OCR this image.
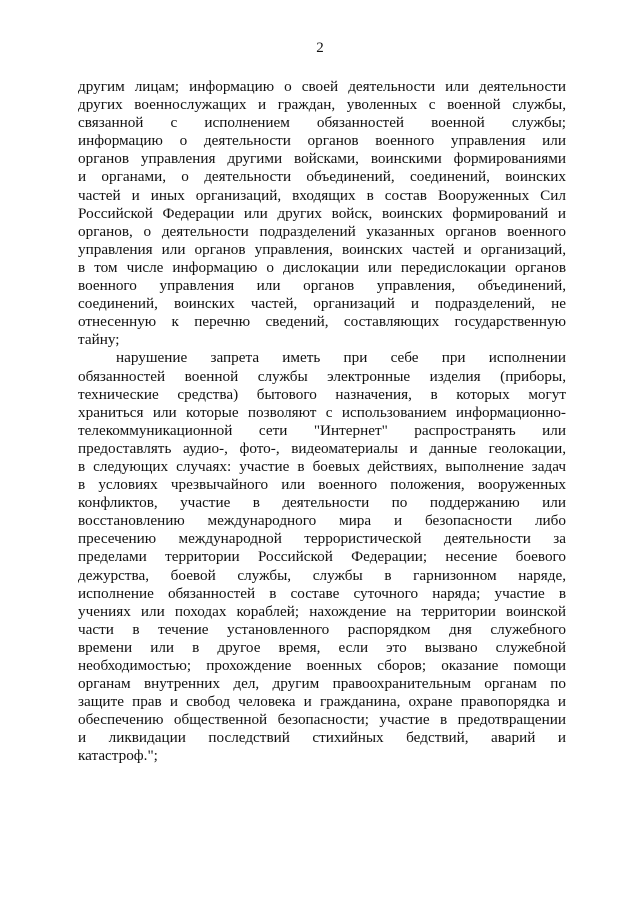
2
другим лицам; информацию о своей деятельности или деятельности
других военнослужащих и граждан, уволенных с военной службы,
связанной с исполнением обязанностей военной службы;
информацию о деятельности органов военного управления или
органов управления другими войсками, воинскими формированиями
и органами, о деятельности объединений, соединений, воинских
частей и иных организаций, входящих в состав Вооруженных Сил
Российской Федерации или других войск, воинских формирований и
органов, о деятельности подразделений указанных органов военного
управления или органов управления, воинских частей и организаций,
в том числе информацию о дислокации или передислокации органов
военного управления или органов управления, объединений,
соединений, воинских частей, организаций и подразделений, не
отнесенную к перечню сведений, составляющих государственную
тайну;
нарушение запрета иметь при себе при исполнении
обязанностей военной службы электронные изделия (приборы,
технические средства) бытового назначения, в которых могут
храниться или которые позволяют с использованием информационно-
телекоммуникационной сети "Интернет" распространять или
предоставлять аудио-, фото-, видеоматериалы и данные геолокации,
в следующих случаях: участие в боевых действиях, выполнение задач
в условиях чрезвычайного или военного положения, вооруженных
конфликтов, участие в деятельности по поддержанию или
восстановлению международного мира и безопасности либо
пресечению международной террористической деятельности за
пределами территории Российской Федерации; несение боевого
дежурства, боевой службы, службы в гарнизонном наряде,
исполнение обязанностей в составе суточного наряда; участие в
учениях или походах кораблей; нахождение на территории воинской
части в течение установленного распорядком дня служебного
времени или в другое время, если это вызвано служебной
необходимостью; прохождение военных сборов; оказание помощи
органам внутренних дел, другим правоохранительным органам по
защите прав и свобод человека и гражданина, охране правопорядка и
обеспечению общественной безопасности; участие в предотвращении
и ликвидации последствий стихийных бедствий, аварий и
катастроф.";
